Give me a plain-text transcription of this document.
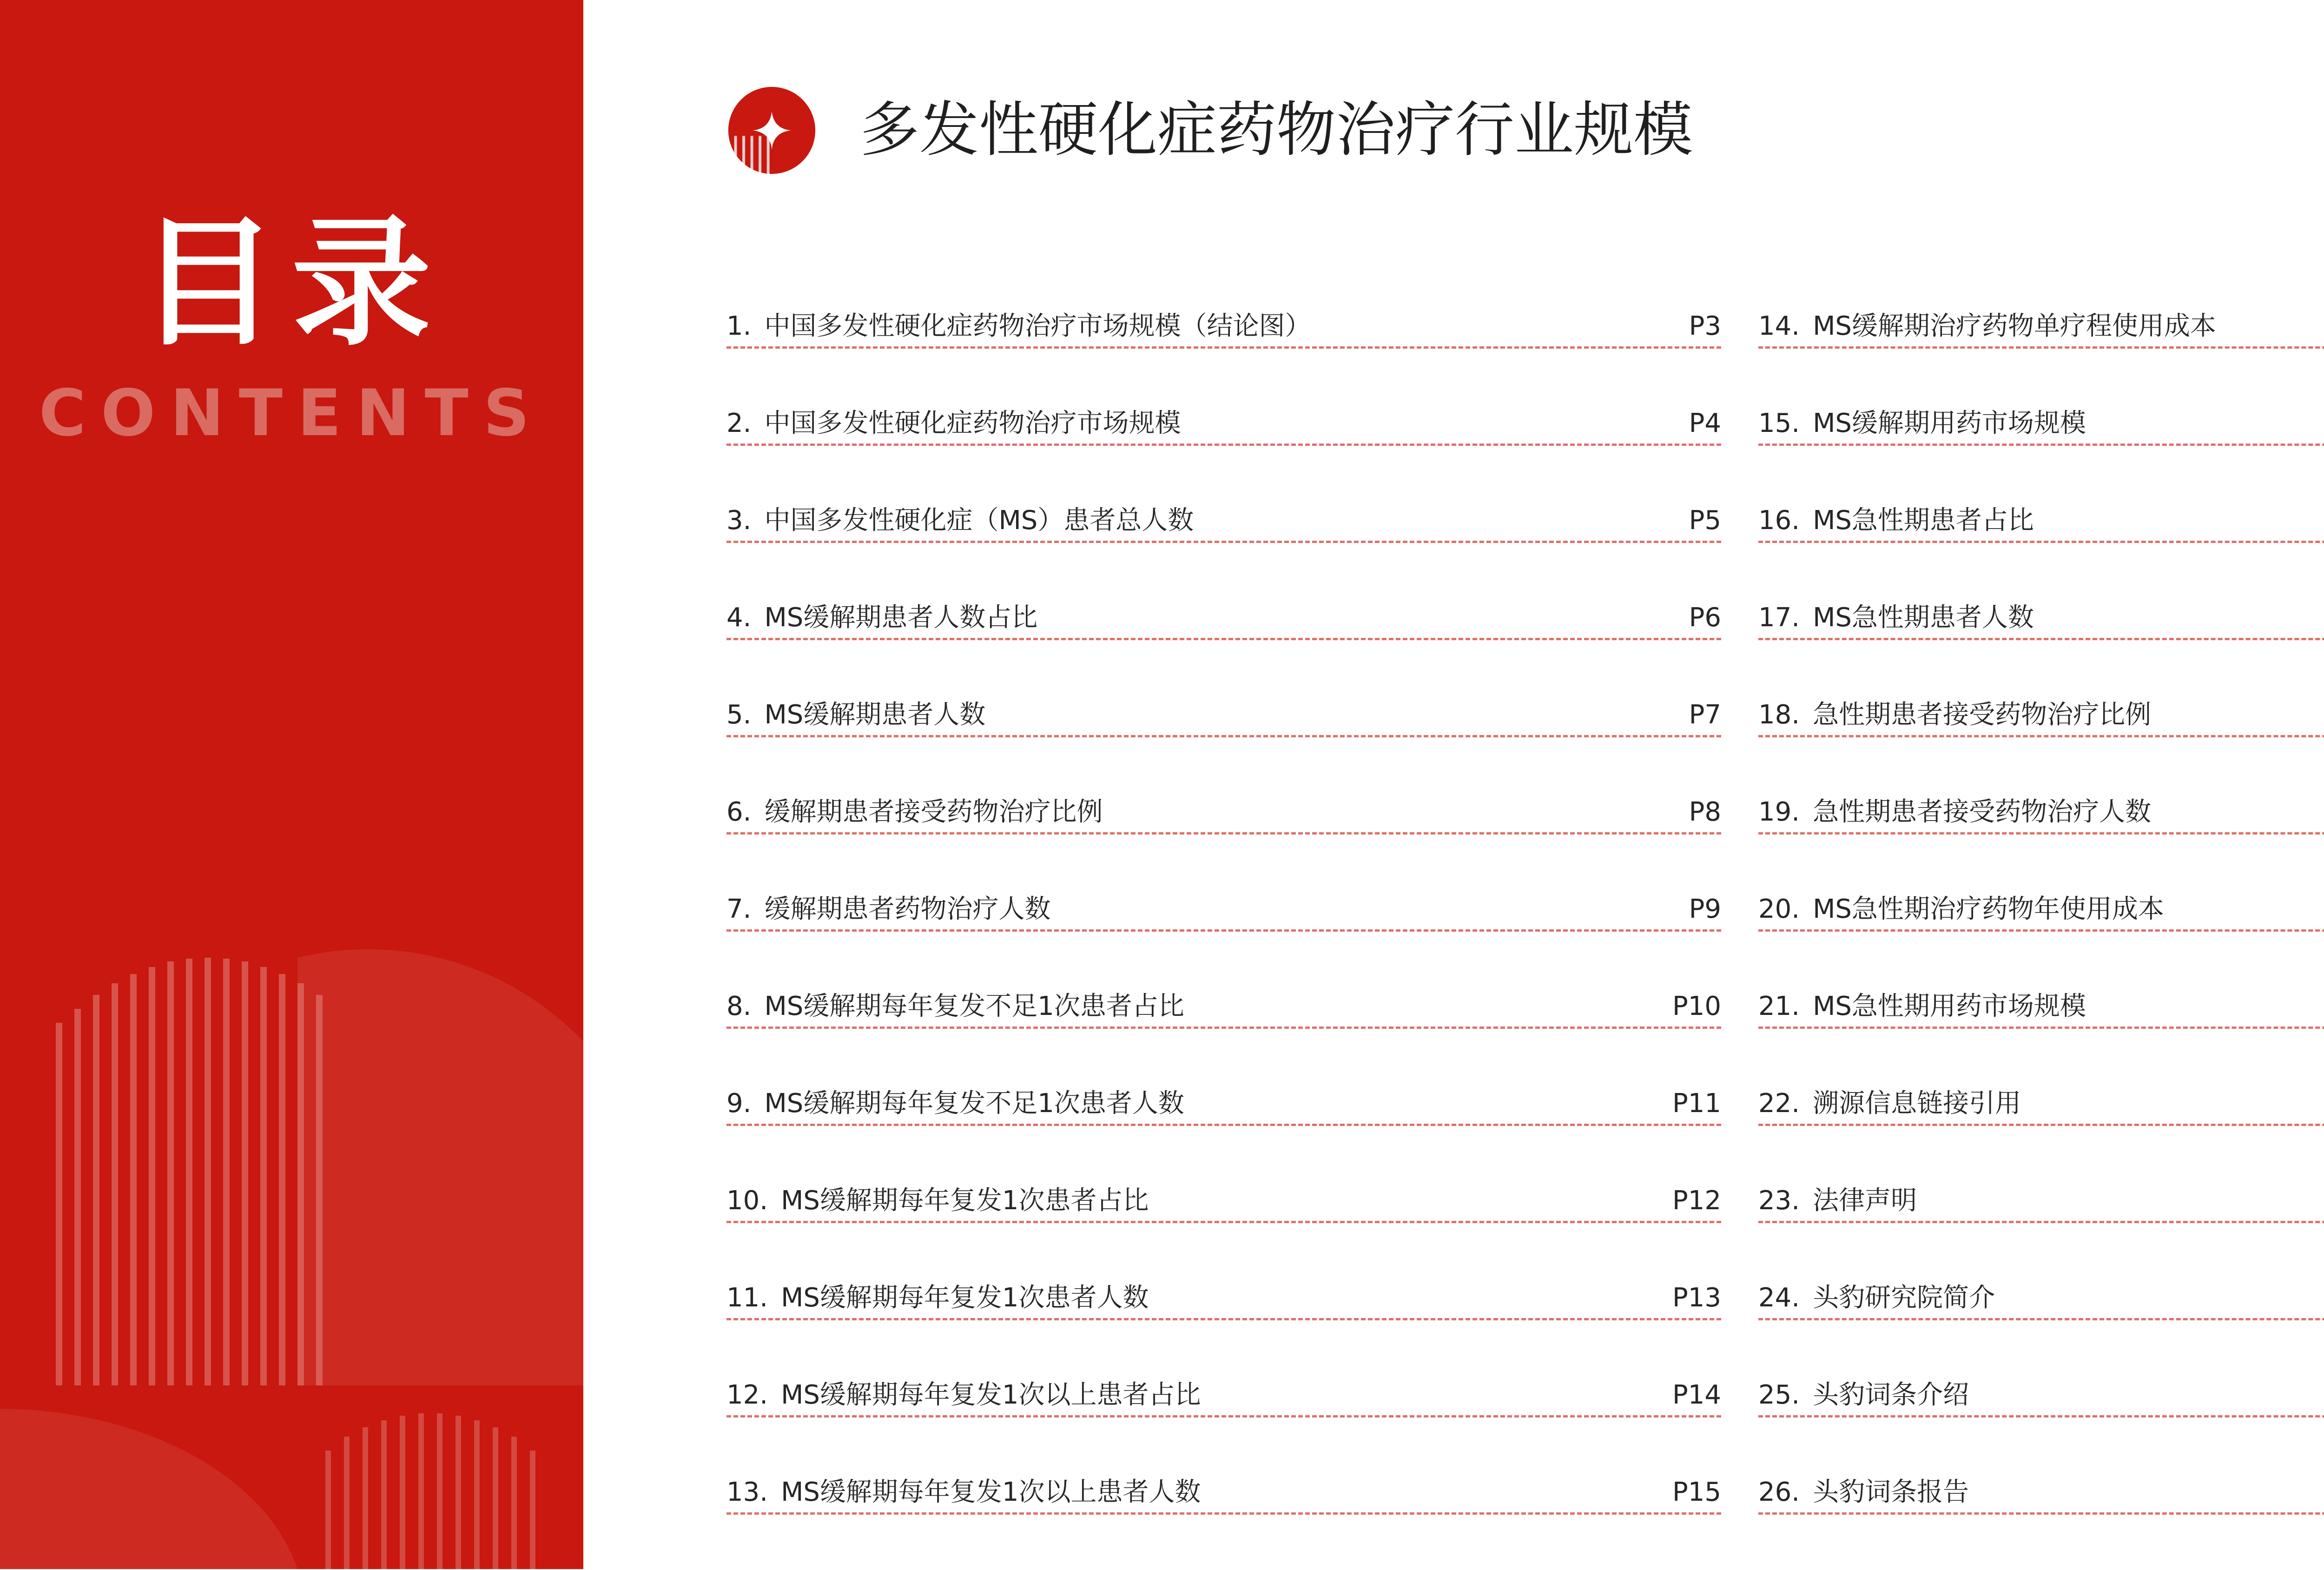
目录
CONTENTS
多发性硬化症药物治疗行业规模
1. 中国多发性硬化症药物治疗市场规模（结论图）	P3
2. 中国多发性硬化症药物治疗市场规模	P4
3. 中国多发性硬化症（MS）患者总人数	P5
4. MS缓解期患者人数占比	P6
5. MS缓解期患者人数	P7
6. 缓解期患者接受药物治疗比例	P8
7. 缓解期患者药物治疗人数	P9
8. MS缓解期每年复发不足1次患者占比	P10
9. MS缓解期每年复发不足1次患者人数	P11
10. MS缓解期每年复发1次患者占比	P12
11. MS缓解期每年复发1次患者人数	P13
12. MS缓解期每年复发1次以上患者占比	P14
13. MS缓解期每年复发1次以上患者人数	P15
14. MS缓解期治疗药物单疗程使用成本
15. MS缓解期用药市场规模
16. MS急性期患者占比
17. MS急性期患者人数
18. 急性期患者接受药物治疗比例
19. 急性期患者接受药物治疗人数
20. MS急性期治疗药物年使用成本
21. MS急性期用药市场规模
22. 溯源信息链接引用
23. 法律声明
24. 头豹研究院简介
25. 头豹词条介绍
26. 头豹词条报告
